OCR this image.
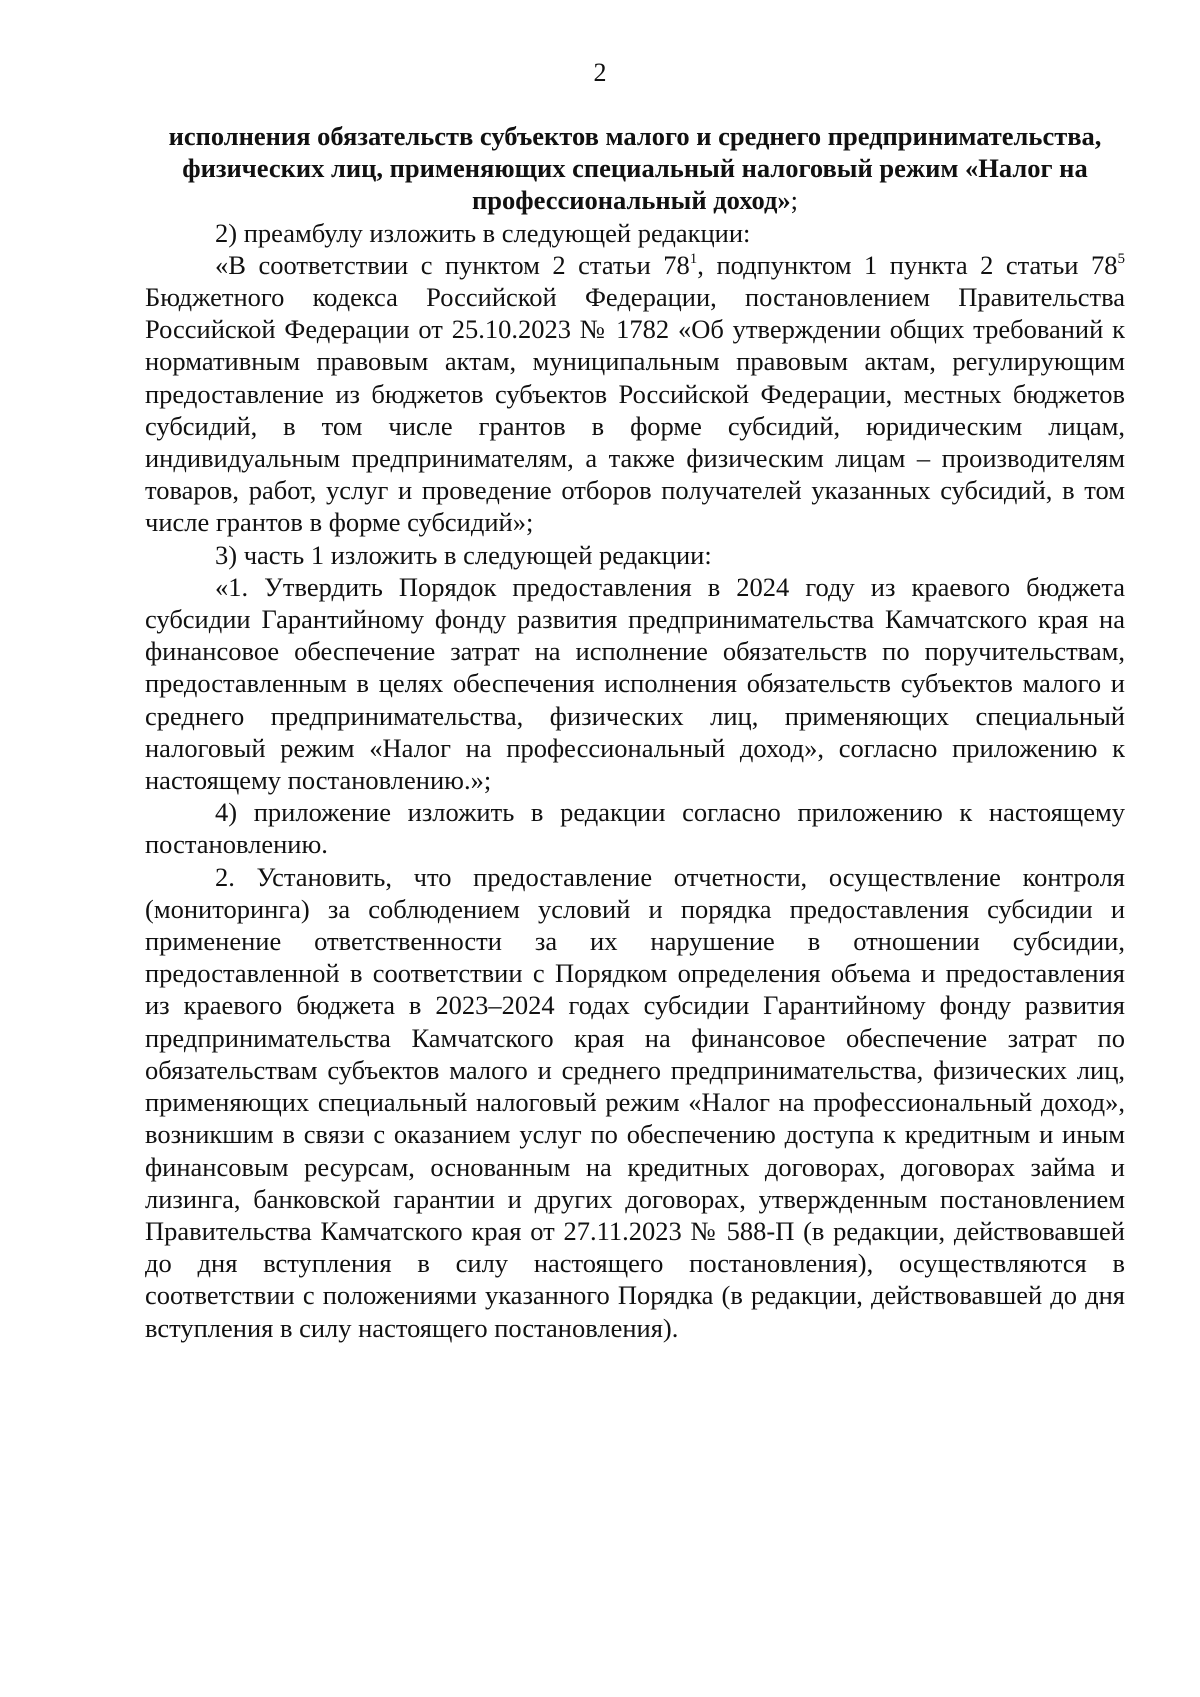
2

исполнения обязательств субъектов малого и среднего предпринимательства, физических лиц, применяющих специальный налоговый режим «Налог на профессиональный доход»;

2) преамбулу изложить в следующей редакции:

«В соответствии с пунктом 2 статьи $78^1$, подпунктом 1 пункта 2 статьи $78^5$ Бюджетного кодекса Российской Федерации, постановлением Правительства Российской Федерации от 25.10.2023 № 1782 «Об утверждении общих требований к нормативным правовым актам, муниципальным правовым актам, регулирующим предоставление из бюджетов субъектов Российской Федерации, местных бюджетов субсидий, в том числе грантов в форме субсидий, юридическим лицам, индивидуальным предпринимателям, а также физическим лицам – производителям товаров, работ, услуг и проведение отборов получателей указанных субсидий, в том числе грантов в форме субсидий»;

3) часть 1 изложить в следующей редакции:

«1. Утвердить Порядок предоставления в 2024 году из краевого бюджета субсидии Гарантийному фонду развития предпринимательства Камчатского края на финансовое обеспечение затрат на исполнение обязательств по поручительствам, предоставленным в целях обеспечения исполнения обязательств субъектов малого и среднего предпринимательства, физических лиц, применяющих специальный налоговый режим «Налог на профессиональный доход», согласно приложению к настоящему постановлению.»;

4) приложение изложить в редакции согласно приложению к настоящему постановлению.

2. Установить, что предоставление отчетности, осуществление контроля (мониторинга) за соблюдением условий и порядка предоставления субсидии и применение ответственности за их нарушение в отношении субсидии, предоставленной в соответствии с Порядком определения объема и предоставления из краевого бюджета в 2023–2024 годах субсидии Гарантийному фонду развития предпринимательства Камчатского края на финансовое обеспечение затрат по обязательствам субъектов малого и среднего предпринимательства, физических лиц, применяющих специальный налоговый режим «Налог на профессиональный доход», возникшим в связи с оказанием услуг по обеспечению доступа к кредитным и иным финансовым ресурсам, основанным на кредитных договорах, договорах займа и лизинга, банковской гарантии и других договорах, утвержденным постановлением Правительства Камчатского края от 27.11.2023 № 588-П (в редакции, действовавшей до дня вступления в силу настоящего постановления), осуществляются в соответствии с положениями указанного Порядка (в редакции, действовавшей до дня вступления в силу настоящего постановления).
